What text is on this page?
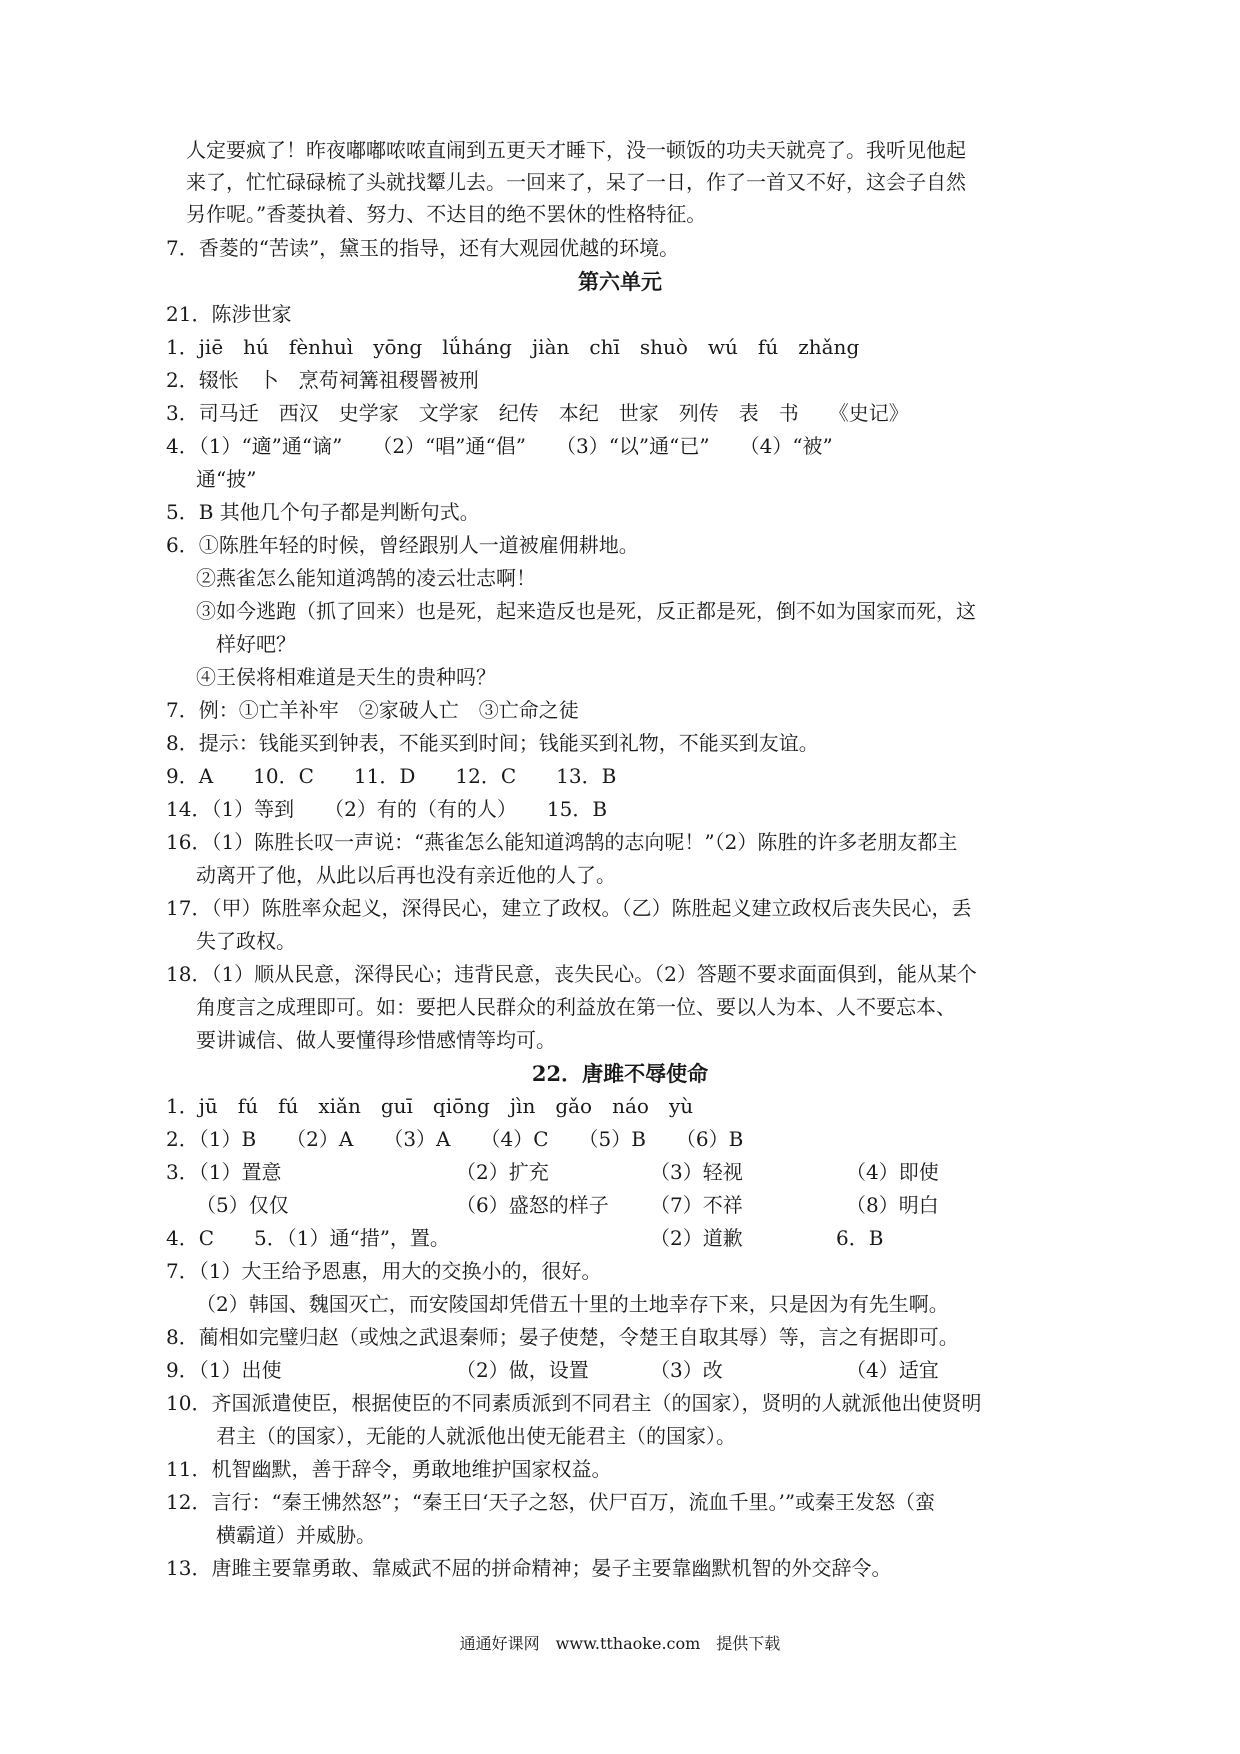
人定要疯了！昨夜嘟嘟哝哝直闹到五更天才睡下，没一顿饭的功夫天就亮了。我听见他起
来了，忙忙碌碌梳了头就找颦儿去。一回来了，呆了一日，作了一首又不好，这会子自然
另作呢。”香菱执着、努力、不达目的绝不罢休的性格特征。
7．香菱的“苦读”，黛玉的指导，还有大观园优越的环境。
第六单元
21．陈涉世家
1．jiē　hú　fènhuì　yōng　lǘháng　jiàn　chī　shuò　wú　fú　zhǎng
2．辍怅　卜　烹苟祠篝祖稷罾被刑
3．司马迁　西汉　史学家　文学家　纪传　本纪　世家　列传　表　书　　《史记》
4．（1）“適”通“谪”　　（2）“唱”通“倡”　　（3）“以”通“已”　　（4）“被”
通“披”
5．B 其他几个句子都是判断句式。
6．①陈胜年轻的时候，曾经跟别人一道被雇佣耕地。
②燕雀怎么能知道鸿鹄的凌云壮志啊！
③如今逃跑（抓了回来）也是死，起来造反也是死，反正都是死，倒不如为国家而死，这
样好吧？
④王侯将相难道是天生的贵种吗？
7．例：①亡羊补牢　②家破人亡　③亡命之徒
8．提示：钱能买到钟表，不能买到时间；钱能买到礼物，不能买到友谊。
9．A　　10．C　　11．D　　12．C　　13．B
14．（1）等到　　（2）有的（有的人）　　15．B
16．（1）陈胜长叹一声说：“燕雀怎么能知道鸿鹄的志向呢！”（2）陈胜的许多老朋友都主
动离开了他，从此以后再也没有亲近他的人了。
17．（甲）陈胜率众起义，深得民心，建立了政权。（乙）陈胜起义建立政权后丧失民心，丢
失了政权。
18．（1）顺从民意，深得民心；违背民意，丧失民心。（2）答题不要求面面俱到，能从某个
角度言之成理即可。如：要把人民群众的利益放在第一位、要以人为本、人不要忘本、
要讲诚信、做人要懂得珍惜感情等均可。
22．唐雎不辱使命
1．jū　fú　fú　xiǎn　guī　qiōng　jìn　gǎo　náo　yù
2．（1）B　　（2）A　　（3）A　　（4）C　　（5）B　　（6）B
3．（1）置意	（2）扩充	（3）轻视	（4）即使
（5）仅仅	（6）盛怒的样子 （7）不祥	（8）明白
4．C　　5．（1）通“措”，置。	（2）道歉	6．B
7．（1）大王给予恩惠，用大的交换小的，很好。
（2）韩国、魏国灭亡，而安陵国却凭借五十里的土地幸存下来，只是因为有先生啊。
8．蔺相如完璧归赵（或烛之武退秦师；晏子使楚，令楚王自取其辱）等，言之有据即可。
9．（1）出使	（2）做，设置	（3）改	（4）适宜
10．齐国派遣使臣，根据使臣的不同素质派到不同君主（的国家），贤明的人就派他出使贤明
君主（的国家），无能的人就派他出使无能君主（的国家）。
11．机智幽默，善于辞令，勇敢地维护国家权益。
12．言行：“秦王怫然怒”；“秦王曰‘天子之怒，伏尸百万，流血千里。’”或秦王发怒（蛮
横霸道）并威胁。
13．唐雎主要靠勇敢、靠威武不屈的拼命精神；晏子主要靠幽默机智的外交辞令。
通通好课网　www.tthaoke.com　提供下载
